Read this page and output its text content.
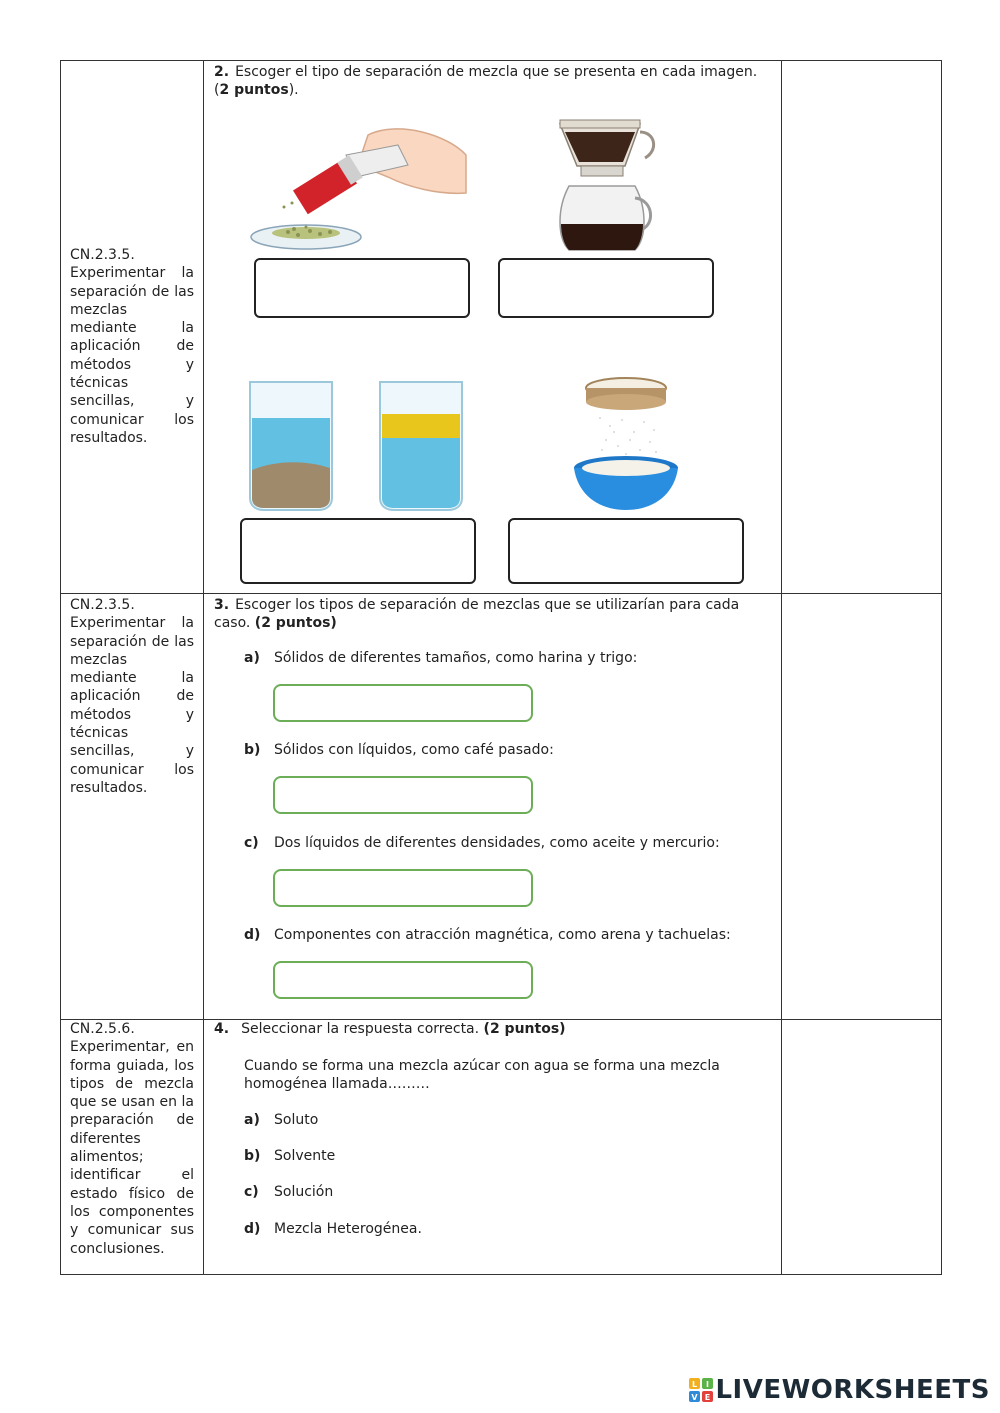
CN.2.3.5. Experimentar la separación de las mezclas mediante la aplicación de métodos y técnicas sencillas, y comunicar los resultados.
2. Escoger el tipo de separación de mezcla que se presenta en cada imagen. (2 puntos).
CN.2.3.5. Experimentar la separación de las mezclas mediante la aplicación de métodos y técnicas sencillas, y comunicar los resultados.
3. Escoger los tipos de separación de mezclas que se utilizarían para cada caso. (2 puntos)
a) Sólidos de diferentes tamaños, como harina y trigo:
b) Sólidos con líquidos, como café pasado:
c) Dos líquidos de diferentes densidades, como aceite y mercurio:
d) Componentes con atracción magnética, como arena y tachuelas:
CN.2.5.6. Experimentar, en forma guiada, los tipos de mezcla que se usan en la preparación de diferentes alimentos; identificar el estado físico de los componentes y comunicar sus conclusiones.
4. Seleccionar la respuesta correcta. (2 puntos)
Cuando se forma una mezcla azúcar con agua se forma una mezcla homogénea llamada………
a) Soluto
b) Solvente
c) Solución
d) Mezcla Heterogénea.
L I
V E LIVEWORKSHEETS
